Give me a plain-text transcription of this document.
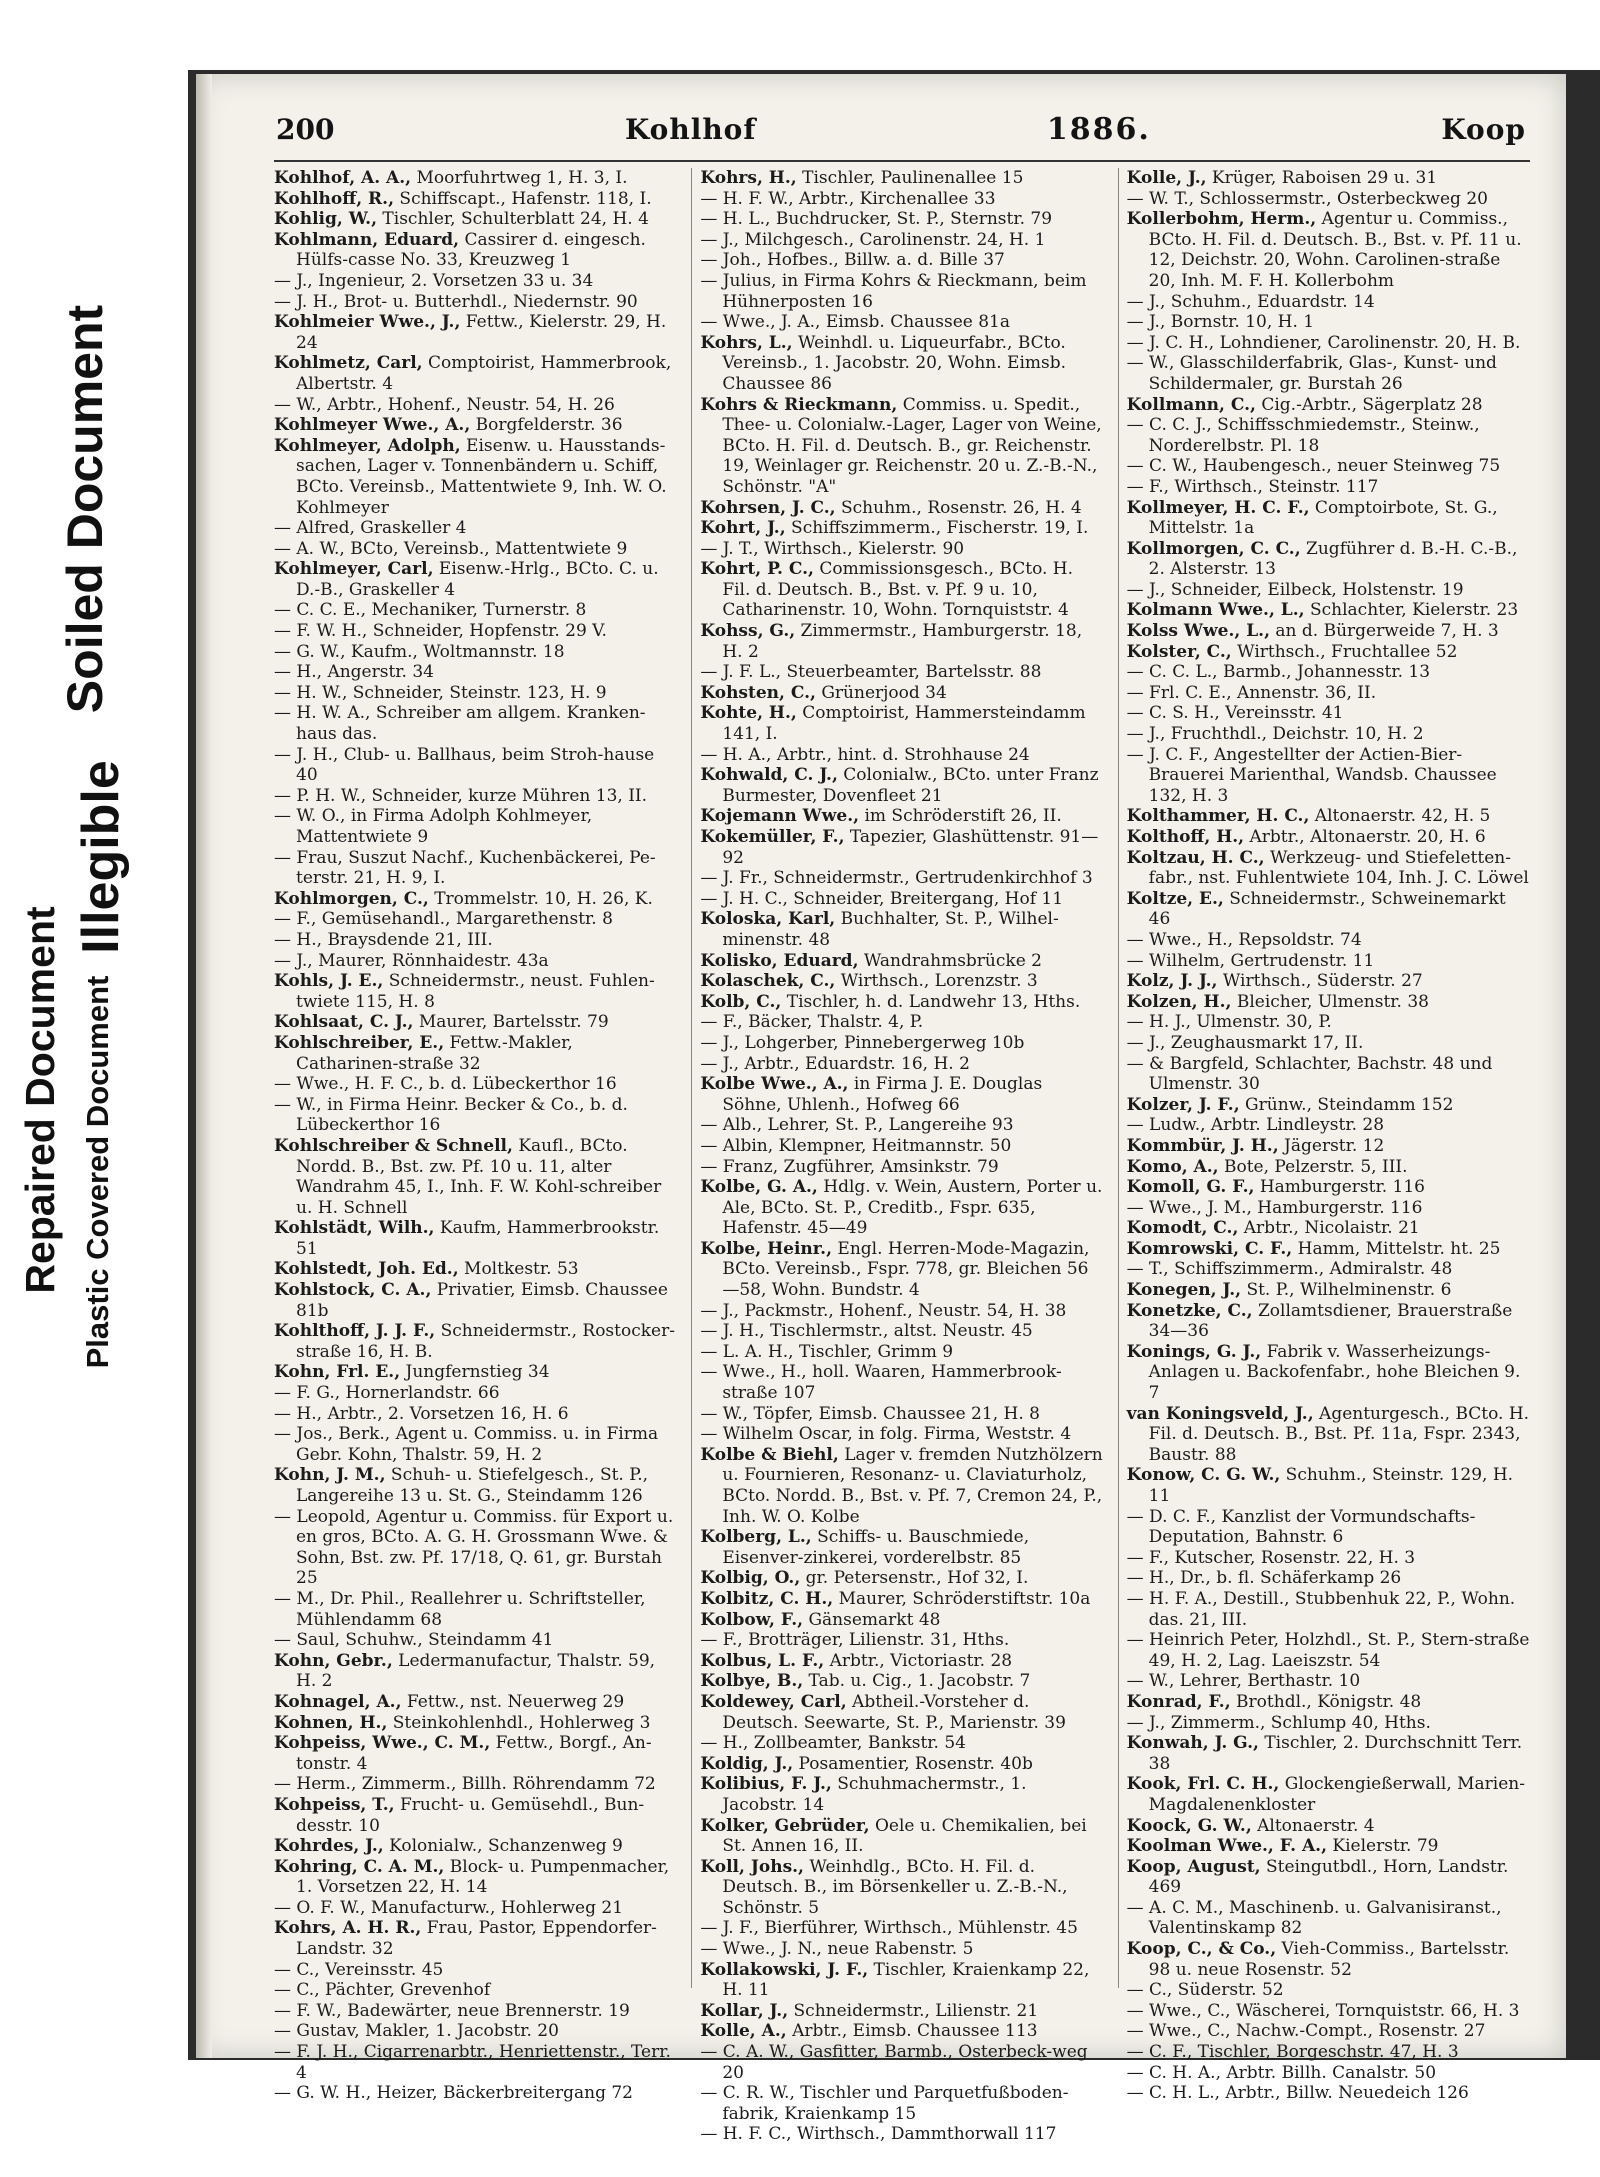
Repaired Document Plastic Covered Document
Illegible
Soiled Document
200	Kohlhof	1886.	Koop
Kohlhof, A. A., Moorfuhrtweg 1, H. 3, I.
Kohlhoff, R., Schiffscapt., Hafenstr. 118, I.
Kohlig, W., Tischler, Schulterblatt 24, H. 4
Kohlmann, Eduard, Cassirer d. eingesch. Hülfs-casse No. 33, Kreuzweg 1
— J., Ingenieur, 2. Vorsetzen 33 u. 34
— J. H., Brot- u. Butterhdl., Niedernstr. 90
Kohlmeier Wwe., J., Fettw., Kielerstr. 29, H. 24
Kohlmetz, Carl, Comptoirist, Hammerbrook, Albertstr. 4
— W., Arbtr., Hohenf., Neustr. 54, H. 26
Kohlmeyer Wwe., A., Borgfelderstr. 36
Kohlmeyer, Adolph, Eisenw. u. Hausstands-sachen, Lager v. Tonnenbändern u. Schiff, BCto. Vereinsb., Mattentwiete 9, Inh. W. O. Kohlmeyer
— Alfred, Graskeller 4
— A. W., BCto, Vereinsb., Mattentwiete 9
Kohlmeyer, Carl, Eisenw.-Hrlg., BCto. C. u. D.-B., Graskeller 4
— C. C. E., Mechaniker, Turnerstr. 8
— F. W. H., Schneider, Hopfenstr. 29 V.
— G. W., Kaufm., Woltmannstr. 18
— H., Angerstr. 34
— H. W., Schneider, Steinstr. 123, H. 9
— H. W. A., Schreiber am allgem. Kranken-haus das.
— J. H., Club- u. Ballhaus, beim Stroh-hause 40
— P. H. W., Schneider, kurze Mühren 13, II.
— W. O., in Firma Adolph Kohlmeyer, Mattentwiete 9
— Frau, Suszut Nachf., Kuchenbäckerei, Pe-terstr. 21, H. 9, I.
Kohlmorgen, C., Trommelstr. 10, H. 26, K.
— F., Gemüsehandl., Margarethenstr. 8
— H., Braysdende 21, III.
— J., Maurer, Rönnhaidestr. 43a
Kohls, J. E., Schneidermstr., neust. Fuhlen-twiete 115, H. 8
Kohlsaat, C. J., Maurer, Bartelsstr. 79
Kohlschreiber, E., Fettw.-Makler, Catharinen-straße 32
— Wwe., H. F. C., b. d. Lübeckerthor 16
— W., in Firma Heinr. Becker & Co., b. d. Lübeckerthor 16
Kohlschreiber & Schnell, Kaufl., BCto. Nordd. B., Bst. zw. Pf. 10 u. 11, alter Wandrahm 45, I., Inh. F. W. Kohl-schreiber u. H. Schnell
Kohlstädt, Wilh., Kaufm, Hammerbrookstr. 51
Kohlstedt, Joh. Ed., Moltkestr. 53
Kohlstock, C. A., Privatier, Eimsb. Chaussee 81b
Kohlthoff, J. J. F., Schneidermstr., Rostocker-straße 16, H. B.
Kohn, Frl. E., Jungfernstieg 34
— F. G., Hornerlandstr. 66
— H., Arbtr., 2. Vorsetzen 16, H. 6
— Jos., Berk., Agent u. Commiss. u. in Firma Gebr. Kohn, Thalstr. 59, H. 2
Kohn, J. M., Schuh- u. Stiefelgesch., St. P., Langereihe 13 u. St. G., Steindamm 126
— Leopold, Agentur u. Commiss. für Export u. en gros, BCto. A. G. H. Grossmann Wwe. & Sohn, Bst. zw. Pf. 17/18, Q. 61, gr. Burstah 25
— M., Dr. Phil., Reallehrer u. Schriftsteller, Mühlendamm 68
— Saul, Schuhw., Steindamm 41
Kohn, Gebr., Ledermanufactur, Thalstr. 59, H. 2
Kohnagel, A., Fettw., nst. Neuerweg 29
Kohnen, H., Steinkohlenhdl., Hohlerweg 3
Kohpeiss, Wwe., C. M., Fettw., Borgf., An-tonstr. 4
— Herm., Zimmerm., Billh. Röhrendamm 72
Kohpeiss, T., Frucht- u. Gemüsehdl., Bun-desstr. 10
Kohrdes, J., Kolonialw., Schanzenweg 9
Kohring, C. A. M., Block- u. Pumpenmacher, 1. Vorsetzen 22, H. 14
— O. F. W., Manufacturw., Hohlerweg 21
Kohrs, A. H. R., Frau, Pastor, Eppendorfer-Landstr. 32
— C., Vereinsstr. 45
— C., Pächter, Grevenhof
— F. W., Badewärter, neue Brennerstr. 19
— Gustav, Makler, 1. Jacobstr. 20
— F. J. H., Cigarrenarbtr., Henriettenstr., Terr. 4
— G. W. H., Heizer, Bäckerbreitergang 72
Kohrs, H., Tischler, Paulinenallee 15
— H. F. W., Arbtr., Kirchenallee 33
— H. L., Buchdrucker, St. P., Sternstr. 79
— J., Milchgesch., Carolinenstr. 24, H. 1
— Joh., Hofbes., Billw. a. d. Bille 37
— Julius, in Firma Kohrs & Rieckmann, beim Hühnerposten 16
— Wwe., J. A., Eimsb. Chaussee 81a
Kohrs, L., Weinhdl. u. Liqueurfabr., BCto. Vereinsb., 1. Jacobstr. 20, Wohn. Eimsb. Chaussee 86
Kohrs & Rieckmann, Commiss. u. Spedit., Thee- u. Colonialw.-Lager, Lager von Weine, BCto. H. Fil. d. Deutsch. B., gr. Reichenstr. 19, Weinlager gr. Reichenstr. 20 u. Z.-B.-N., Schönstr. "A"
Kohrsen, J. C., Schuhm., Rosenstr. 26, H. 4
Kohrt, J., Schiffszimmerm., Fischerstr. 19, I.
— J. T., Wirthsch., Kielerstr. 90
Kohrt, P. C., Commissionsgesch., BCto. H. Fil. d. Deutsch. B., Bst. v. Pf. 9 u. 10, Catharinenstr. 10, Wohn. Tornquiststr. 4
Kohss, G., Zimmermstr., Hamburgerstr. 18, H. 2
— J. F. L., Steuerbeamter, Bartelsstr. 88
Kohsten, C., Grünerjood 34
Kohte, H., Comptoirist, Hammersteindamm 141, I.
— H. A., Arbtr., hint. d. Strohhause 24
Kohwald, C. J., Colonialw., BCto. unter Franz Burmester, Dovenfleet 21
Kojemann Wwe., im Schröderstift 26, II.
Kokemüller, F., Tapezier, Glashüttenstr. 91—92
— J. Fr., Schneidermstr., Gertrudenkirchhof 3
— J. H. C., Schneider, Breitergang, Hof 11
Koloska, Karl, Buchhalter, St. P., Wilhel-minenstr. 48
Kolisko, Eduard, Wandrahmsbrücke 2
Kolaschek, C., Wirthsch., Lorenzstr. 3
Kolb, C., Tischler, h. d. Landwehr 13, Hths.
— F., Bäcker, Thalstr. 4, P.
— J., Lohgerber, Pinnebergerweg 10b
— J., Arbtr., Eduardstr. 16, H. 2
Kolbe Wwe., A., in Firma J. E. Douglas Söhne, Uhlenh., Hofweg 66
— Alb., Lehrer, St. P., Langereihe 93
— Albin, Klempner, Heitmannstr. 50
— Franz, Zugführer, Amsinkstr. 79
Kolbe, G. A., Hdlg. v. Wein, Austern, Porter u. Ale, BCto. St. P., Creditb., Fspr. 635, Hafenstr. 45—49
Kolbe, Heinr., Engl. Herren-Mode-Magazin, BCto. Vereinsb., Fspr. 778, gr. Bleichen 56—58, Wohn. Bundstr. 4
— J., Packmstr., Hohenf., Neustr. 54, H. 38
— J. H., Tischlermstr., altst. Neustr. 45
— L. A. H., Tischler, Grimm 9
— Wwe., H., holl. Waaren, Hammerbrook-straße 107
— W., Töpfer, Eimsb. Chaussee 21, H. 8
— Wilhelm Oscar, in folg. Firma, Weststr. 4
Kolbe & Biehl, Lager v. fremden Nutzhölzern u. Fournieren, Resonanz- u. Claviaturholz, BCto. Nordd. B., Bst. v. Pf. 7, Cremon 24, P., Inh. W. O. Kolbe
Kolberg, L., Schiffs- u. Bauschmiede, Eisenver-zinkerei, vorderelbstr. 85
Kolbig, O., gr. Petersenstr., Hof 32, I.
Kolbitz, C. H., Maurer, Schröderstiftstr. 10a
Kolbow, F., Gänsemarkt 48
— F., Brotträger, Lilienstr. 31, Hths.
Kolbus, L. F., Arbtr., Victoriastr. 28
Kolbye, B., Tab. u. Cig., 1. Jacobstr. 7
Koldewey, Carl, Abtheil.-Vorsteher d. Deutsch. Seewarte, St. P., Marienstr. 39
— H., Zollbeamter, Bankstr. 54
Koldig, J., Posamentier, Rosenstr. 40b
Kolibius, F. J., Schuhmachermstr., 1. Jacobstr. 14
Kolker, Gebrüder, Oele u. Chemikalien, bei St. Annen 16, II.
Koll, Johs., Weinhdlg., BCto. H. Fil. d. Deutsch. B., im Börsenkeller u. Z.-B.-N., Schönstr. 5
— J. F., Bierführer, Wirthsch., Mühlenstr. 45
— Wwe., J. N., neue Rabenstr. 5
Kollakowski, J. F., Tischler, Kraienkamp 22, H. 11
Kollar, J., Schneidermstr., Lilienstr. 21
Kolle, A., Arbtr., Eimsb. Chaussee 113
— C. A. W., Gasfitter, Barmb., Osterbeck-weg 20
— C. R. W., Tischler und Parquetfußboden-fabrik, Kraienkamp 15
— H. F. C., Wirthsch., Dammthorwall 117
Kolle, J., Krüger, Raboisen 29 u. 31
— W. T., Schlossermstr., Osterbeckweg 20
Kollerbohm, Herm., Agentur u. Commiss., BCto. H. Fil. d. Deutsch. B., Bst. v. Pf. 11 u. 12, Deichstr. 20, Wohn. Carolinen-straße 20, Inh. M. F. H. Kollerbohm
— J., Schuhm., Eduardstr. 14
— J., Bornstr. 10, H. 1
— J. C. H., Lohndiener, Carolinenstr. 20, H. B.
— W., Glasschilderfabrik, Glas-, Kunst- und Schildermaler, gr. Burstah 26
Kollmann, C., Cig.-Arbtr., Sägerplatz 28
— C. C. J., Schiffsschmiedemstr., Steinw., Norderelbstr. Pl. 18
— C. W., Haubengesch., neuer Steinweg 75
— F., Wirthsch., Steinstr. 117
Kollmeyer, H. C. F., Comptoirbote, St. G., Mittelstr. 1a
Kollmorgen, C. C., Zugführer d. B.-H. C.-B., 2. Alsterstr. 13
— J., Schneider, Eilbeck, Holstenstr. 19
Kolmann Wwe., L., Schlachter, Kielerstr. 23
Kolss Wwe., L., an d. Bürgerweide 7, H. 3
Kolster, C., Wirthsch., Fruchtallee 52
— C. C. L., Barmb., Johannesstr. 13
— Frl. C. E., Annenstr. 36, II.
— C. S. H., Vereinsstr. 41
— J., Fruchthdl., Deichstr. 10, H. 2
— J. C. F., Angestellter der Actien-Bier-Brauerei Marienthal, Wandsb. Chaussee 132, H. 3
Kolthammer, H. C., Altonaerstr. 42, H. 5
Kolthoff, H., Arbtr., Altonaerstr. 20, H. 6
Koltzau, H. C., Werkzeug- und Stiefeletten-fabr., nst. Fuhlentwiete 104, Inh. J. C. Löwel
Koltze, E., Schneidermstr., Schweinemarkt 46
— Wwe., H., Repsoldstr. 74
— Wilhelm, Gertrudenstr. 11
Kolz, J. J., Wirthsch., Süderstr. 27
Kolzen, H., Bleicher, Ulmenstr. 38
— H. J., Ulmenstr. 30, P.
— J., Zeughausmarkt 17, II.
— & Bargfeld, Schlachter, Bachstr. 48 und Ulmenstr. 30
Kolzer, J. F., Grünw., Steindamm 152
— Ludw., Arbtr. Lindleystr. 28
Kommbür, J. H., Jägerstr. 12
Komo, A., Bote, Pelzerstr. 5, III.
Komoll, G. F., Hamburgerstr. 116
— Wwe., J. M., Hamburgerstr. 116
Komodt, C., Arbtr., Nicolaistr. 21
Komrowski, C. F., Hamm, Mittelstr. ht. 25
— T., Schiffszimmerm., Admiralstr. 48
Konegen, J., St. P., Wilhelminenstr. 6
Konetzke, C., Zollamtsdiener, Brauerstraße 34—36
Konings, G. J., Fabrik v. Wasserheizungs-Anlagen u. Backofenfabr., hohe Bleichen 9. 7
van Koningsveld, J., Agenturgesch., BCto. H. Fil. d. Deutsch. B., Bst. Pf. 11a, Fspr. 2343, Baustr. 88
Konow, C. G. W., Schuhm., Steinstr. 129, H. 11
— D. C. F., Kanzlist der Vormundschafts-Deputation, Bahnstr. 6
— F., Kutscher, Rosenstr. 22, H. 3
— H., Dr., b. fl. Schäferkamp 26
— H. F. A., Destill., Stubbenhuk 22, P., Wohn. das. 21, III.
— Heinrich Peter, Holzhdl., St. P., Stern-straße 49, H. 2, Lag. Laeiszstr. 54
— W., Lehrer, Berthastr. 10
Konrad, F., Brothdl., Königstr. 48
— J., Zimmerm., Schlump 40, Hths.
Konwah, J. G., Tischler, 2. Durchschnitt Terr. 38
Kook, Frl. C. H., Glockengießerwall, Marien-Magdalenenkloster
Koock, G. W., Altonaerstr. 4
Koolman Wwe., F. A., Kielerstr. 79
Koop, August, Steingutbdl., Horn, Landstr. 469
— A. C. M., Maschinenb. u. Galvanisiranst., Valentinskamp 82
Koop, C., & Co., Vieh-Commiss., Bartelsstr. 98 u. neue Rosenstr. 52
— C., Süderstr. 52
— Wwe., C., Wäscherei, Tornquiststr. 66, H. 3
— Wwe., C., Nachw.-Compt., Rosenstr. 27
— C. F., Tischler, Borgeschstr. 47, H. 3
— C. H. A., Arbtr. Billh. Canalstr. 50
— C. H. L., Arbtr., Billw. Neuedeich 126
